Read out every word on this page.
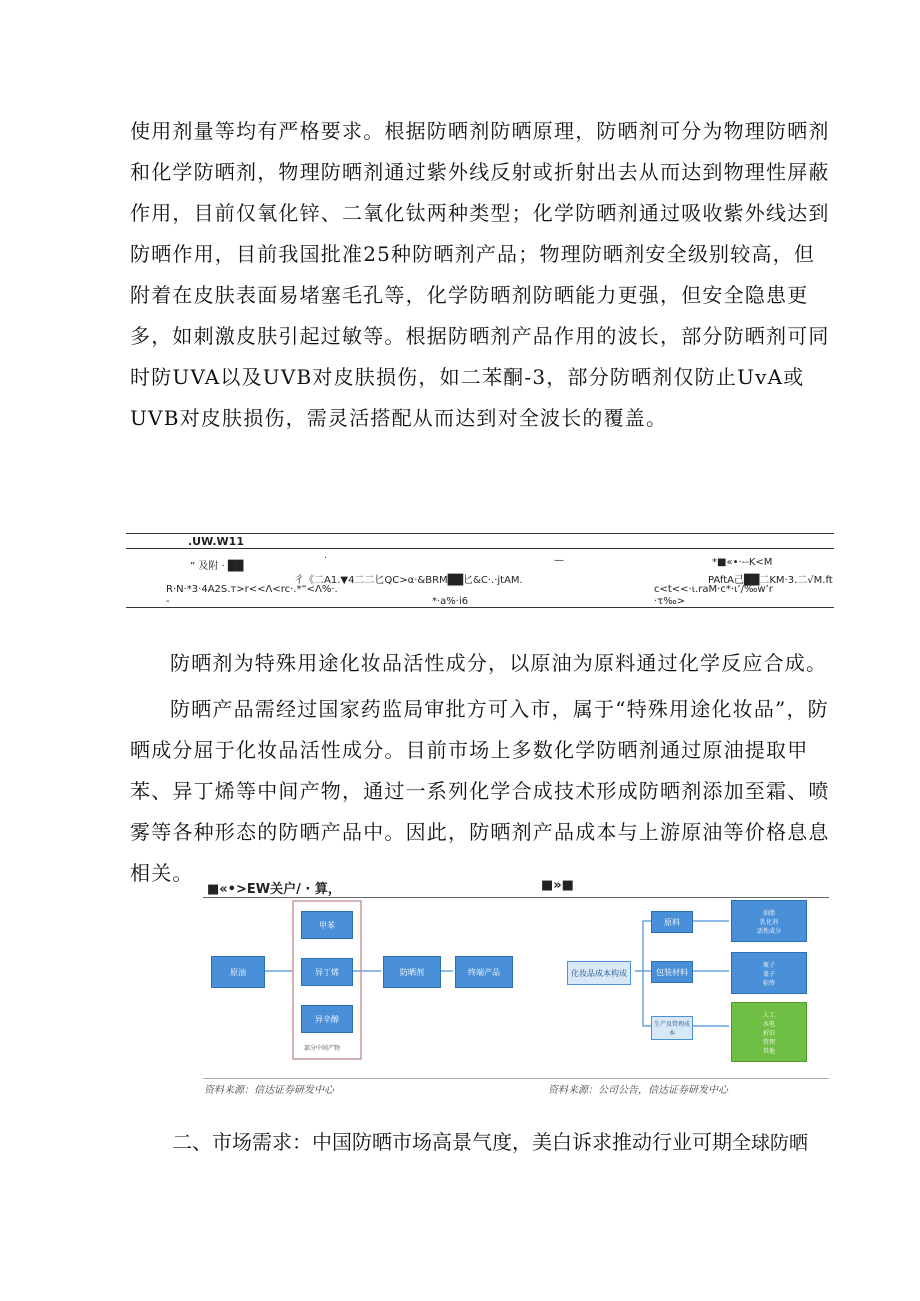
使用剂量等均有严格要求。根据防晒剂防晒原理，防晒剂可分为物理防晒剂和化学防晒剂，物理防晒剂通过紫外线反射或折射出去从而达到物理性屏蔽作用，目前仅氧化锌、二氧化钛两种类型；化学防晒剂通过吸收紫外线达到防晒作用，目前我国批准25种防晒剂产品；物理防晒剂安全级别较高，但附着在皮肤表面易堵塞毛孔等，化学防晒剂防晒能力更强，但安全隐患更多，如刺激皮肤引起过敏等。根据防晒剂产品作用的波长，部分防晒剂可同时防UVA以及UVB对皮肤损伤，如二苯酮-3，部分防晒剂仅防止UvA或UVB对皮肤损伤，需灵活搭配从而达到对全波长的覆盖。
.UW.W11
” 及附 · ██
·	—	*■«•·--K<M
彳《二A1.▼4二二匕QC>α·&BRM██匕&C·.·jtAM.	PAftA己██二KM·3.二√M.ft
R·N·*3·4A2S.т>r<<Λ<rc·.*“<Λ%·.	c<t<<·ι.raM·c*·ι’/‰w’r
-	*·a%·i6	·τ‰>
防晒剂为特殊用途化妆品活性成分，以原油为原料通过化学反应合成。
防晒产品需经过国家药监局审批方可入市，属于“特殊用途化妆品”，防晒成分屈于化妆品活性成分。目前市场上多数化学防晒剂通过原油提取甲苯、异丁烯等中间产物，通过一系列化学合成技术形成防晒剂添加至霜、喷雾等各种形态的防晒产品中。因此，防晒剂产品成本与上游原油等价格息息相关。
■«•>EW关户/ · 算，	■»■
原油
甲苯
异丁烯
异辛醇
部分中间产物
防晒剂	终端产品	化妆品成本构成
原料
包装材料
生产及管理成本
油脂
乳化剂
活性成分
瓶子
盖子
标签
人工
水电
折旧
管理
其他
资料来源：信达证券研发中心	资料来源：公司公告，信达证券研发中心
二、市场需求：中国防晒市场高景气度，美白诉求推动行业可期全球防晒
